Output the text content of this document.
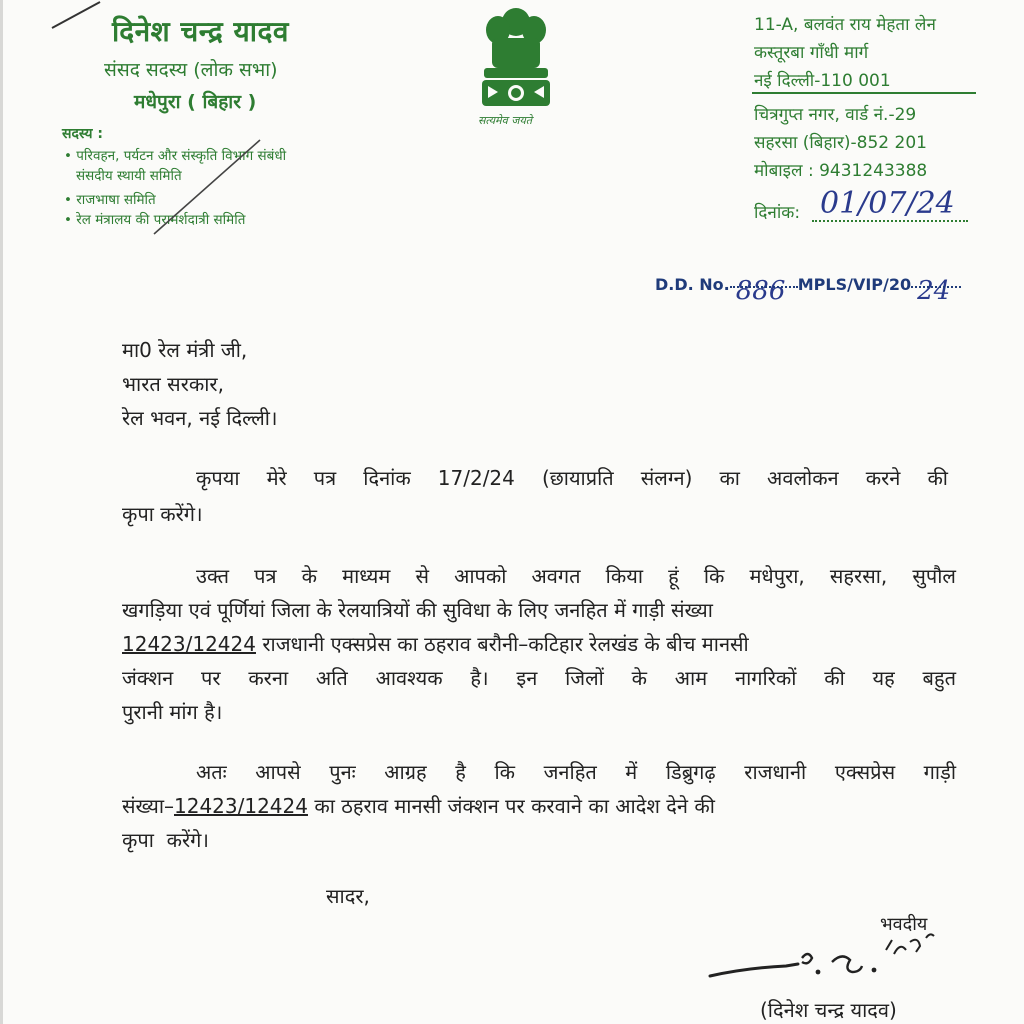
दिनेश चन्द्र यादव
संसद सदस्य (लोक सभा)
मधेपुरा ( बिहार )
सदस्य :
• परिवहन, पर्यटन और संस्कृति विभाग संबंधी
संसदीय स्थायी समिति
• राजभाषा समिति
• रेल मंत्रालय की परामर्शदात्री समिति
सत्यमेव जयते
11-A, बलवंत राय मेहता लेन
कस्तूरबा गाँधी मार्ग
नई दिल्ली-110 001
चित्रगुप्त नगर, वार्ड नं.-29
सहरसा (बिहार)-852 201
मोबाइल : 9431243388
दिनांक: 01/07/24
D.D. No. 886 MPLS/VIP/20 24
मा0 रेल मंत्री जी,
भारत सरकार,
रेल भवन, नई दिल्ली।
कृपया मेरे पत्र दिनांक 17/2/24 (छायाप्रति संलग्न) का अवलोकन करने की
कृपा करेंगे।
उक्त पत्र के माध्यम से आपको अवगत किया हूं कि मधेपुरा, सहरसा, सुपौल
खगड़िया एवं पूर्णियां जिला के रेलयात्रियों की सुविधा के लिए जनहित में गाड़ी संख्या
12423/12424 राजधानी एक्सप्रेस का ठहराव बरौनी–कटिहार रेलखंड के बीच मानसी
जंक्शन पर करना अति आवश्यक है। इन जिलों के आम नागरिकों की यह बहुत
पुरानी मांग है।
अतः आपसे पुनः आग्रह है कि जनहित में डिब्रुगढ़ राजधानी एक्सप्रेस गाड़ी
संख्या–12423/12424 का ठहराव मानसी जंक्शन पर करवाने का आदेश देने की
कृपा  करेंगे।
सादर,
भवदीय
(दिनेश चन्द्र यादव)
